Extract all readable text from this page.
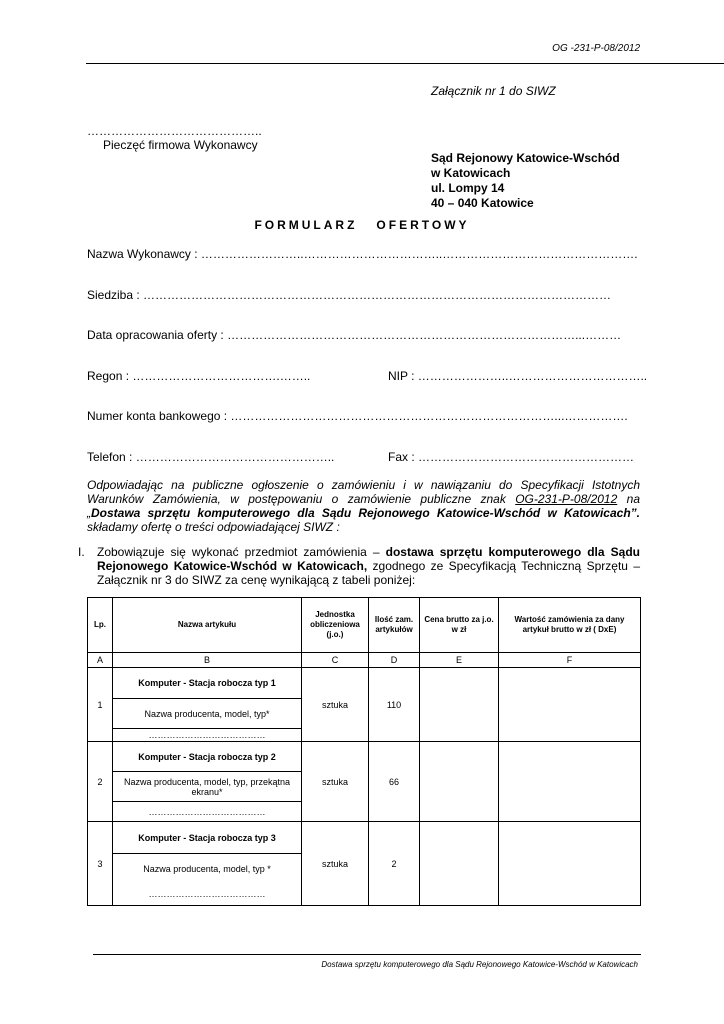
OG -231-P-08/2012
Załącznik nr 1 do SIWZ
……………………………………..
Pieczęć firmowa Wykonawcy
Sąd Rejonowy Katowice-Wschód
w Katowicach
ul. Lompy 14
40 – 040 Katowice
FORMULARZ   OFERTOWY
Nazwa Wykonawcy : ……………………..……………………………..………………………………………….
Siedziba : ………………………………………………………………………………………………………
Data opracowania oferty : ……………………………………………………………………………...………
Regon : ……………………………….……..	NIP : …………………..……………………………..
Numer konta bankowego : ………………………………………………………………………...…………….
Telefon : …………………………………………..	Fax : ………………………………………………
Odpowiadając na publiczne ogłoszenie o zamówieniu i w nawiązaniu do Specyfikacji Istotnych Warunków Zamówienia, w postępowaniu o zamówienie publiczne znak OG-231-P-08/2012 na „Dostawa sprzętu komputerowego dla Sądu Rejonowego Katowice-Wschód w Katowicach”. składamy ofertę o treści odpowiadającej SIWZ :
I. Zobowiązuje się wykonać przedmiot zamówienia – dostawa sprzętu komputerowego dla Sądu Rejonowego Katowice-Wschód w Katowicach, zgodnego ze Specyfikacją Techniczną Sprzętu – Załącznik nr 3 do SIWZ za cenę wynikającą z tabeli poniżej:
Lp.	Nazwa artykułu	Jednostka obliczeniowa (j.o.)	Ilość zam. artykułów	Cena brutto za j.o. w zł	Wartość zamówienia za dany artykuł brutto w zł ( DxE)
A	B	C	D	E	F
1	Komputer - Stacja robocza typ 1	sztuka	110		
	Nazwa producenta, model, typ*				
	…………………………………				
2	Komputer - Stacja robocza typ 2	sztuka	66		
	Nazwa producenta, model, typ, przekątna ekranu*				
	…………………………………				
3	Komputer - Stacja robocza typ 3	sztuka	2		
	Nazwa producenta, model, typ *				
	…………………………………				
Dostawa sprzętu komputerowego dla Sądu Rejonowego Katowice-Wschód w Katowicach
